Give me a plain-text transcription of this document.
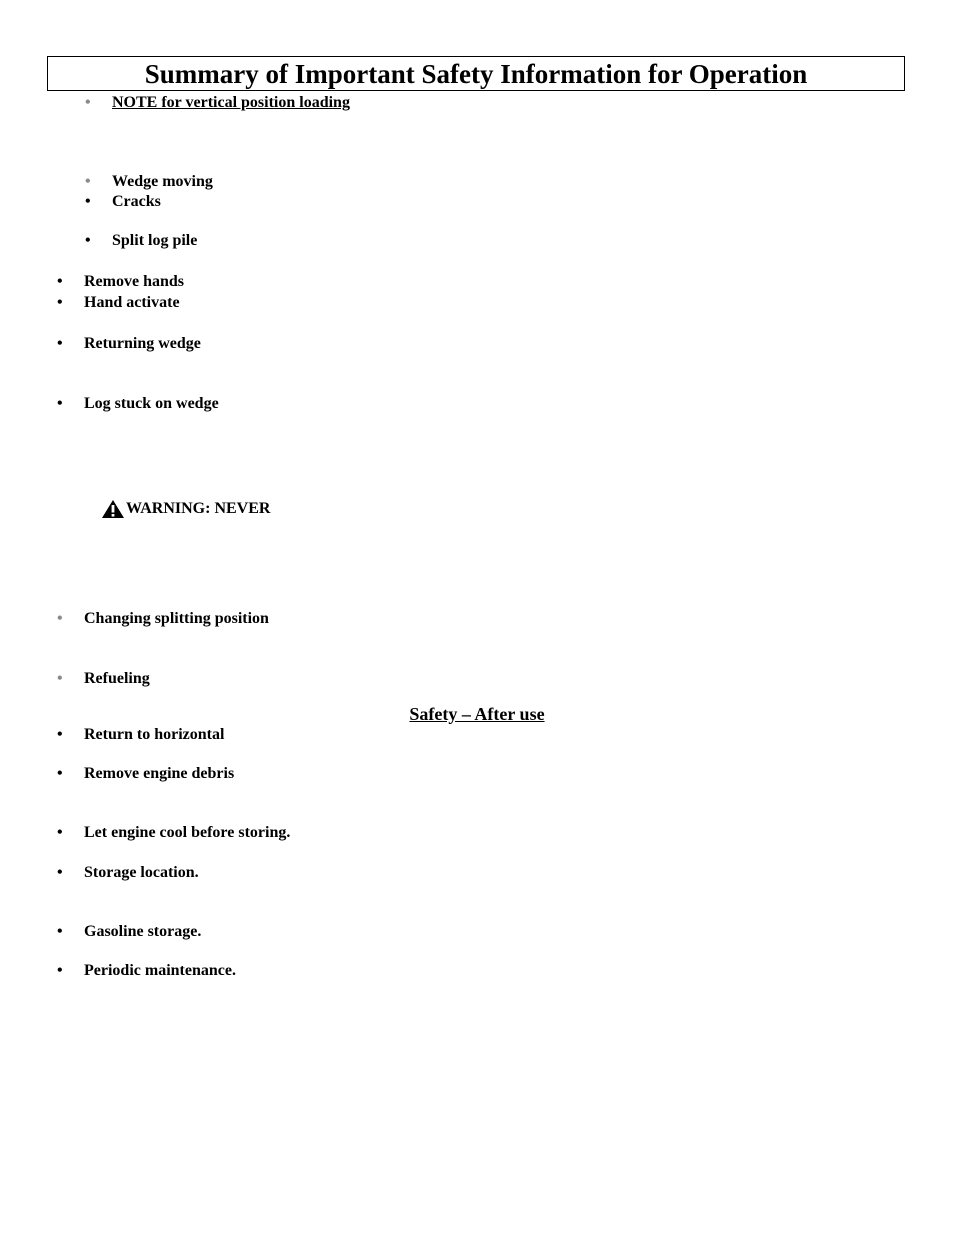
Summary of Important Safety Information for Operation
• NOTE for vertical position loading
• Wedge moving
• Cracks
• Split log pile
• Remove hands
• Hand activate
• Returning wedge
• Log stuck on wedge
WARNING: NEVER
• Changing splitting position
• Refueling
Safety – After use
• Return to horizontal
• Remove engine debris
• Let engine cool before storing.
• Storage location.
• Gasoline storage.
• Periodic maintenance.
